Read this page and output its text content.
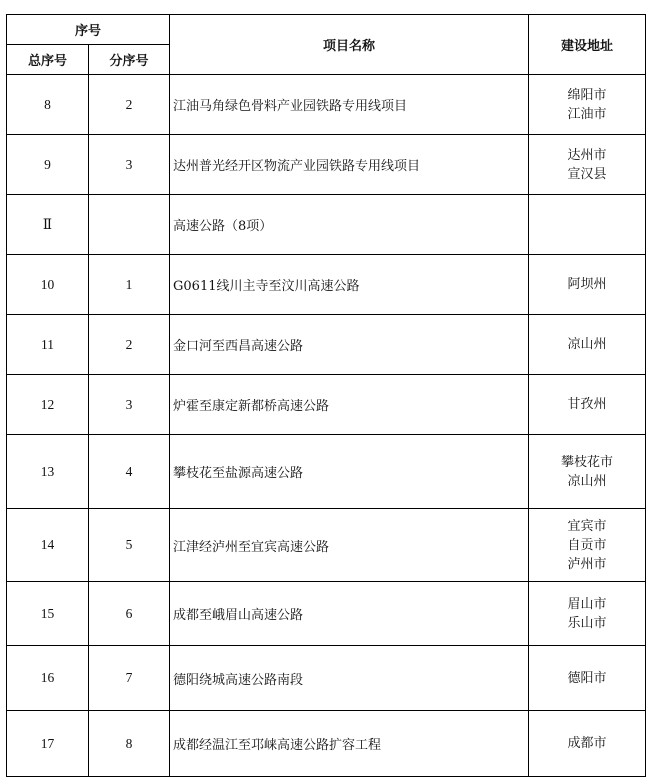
序号		项目名称	建设地址
总序号	分序号		
8	2	江油马角绿色骨料产业园铁路专用线项目	绵阳市
江油市

9	3	达州普光经开区物流产业园铁路专用线项目	达州市
宣汉县

Ⅱ		高速公路（8项）	
10	1	G0611线川主寺至汶川高速公路	阿坝州

11	2	金口河至西昌高速公路	凉山州

12	3	炉霍至康定新都桥高速公路	甘孜州

13	4	攀枝花至盐源高速公路	攀枝花市
凉山州

14	5	江津经泸州至宜宾高速公路	宜宾市
自贡市
泸州市

15	6	成都至峨眉山高速公路	眉山市
乐山市

16	7	德阳绕城高速公路南段	德阳市

17	8	成都经温江至邛崃高速公路扩容工程	成都市
